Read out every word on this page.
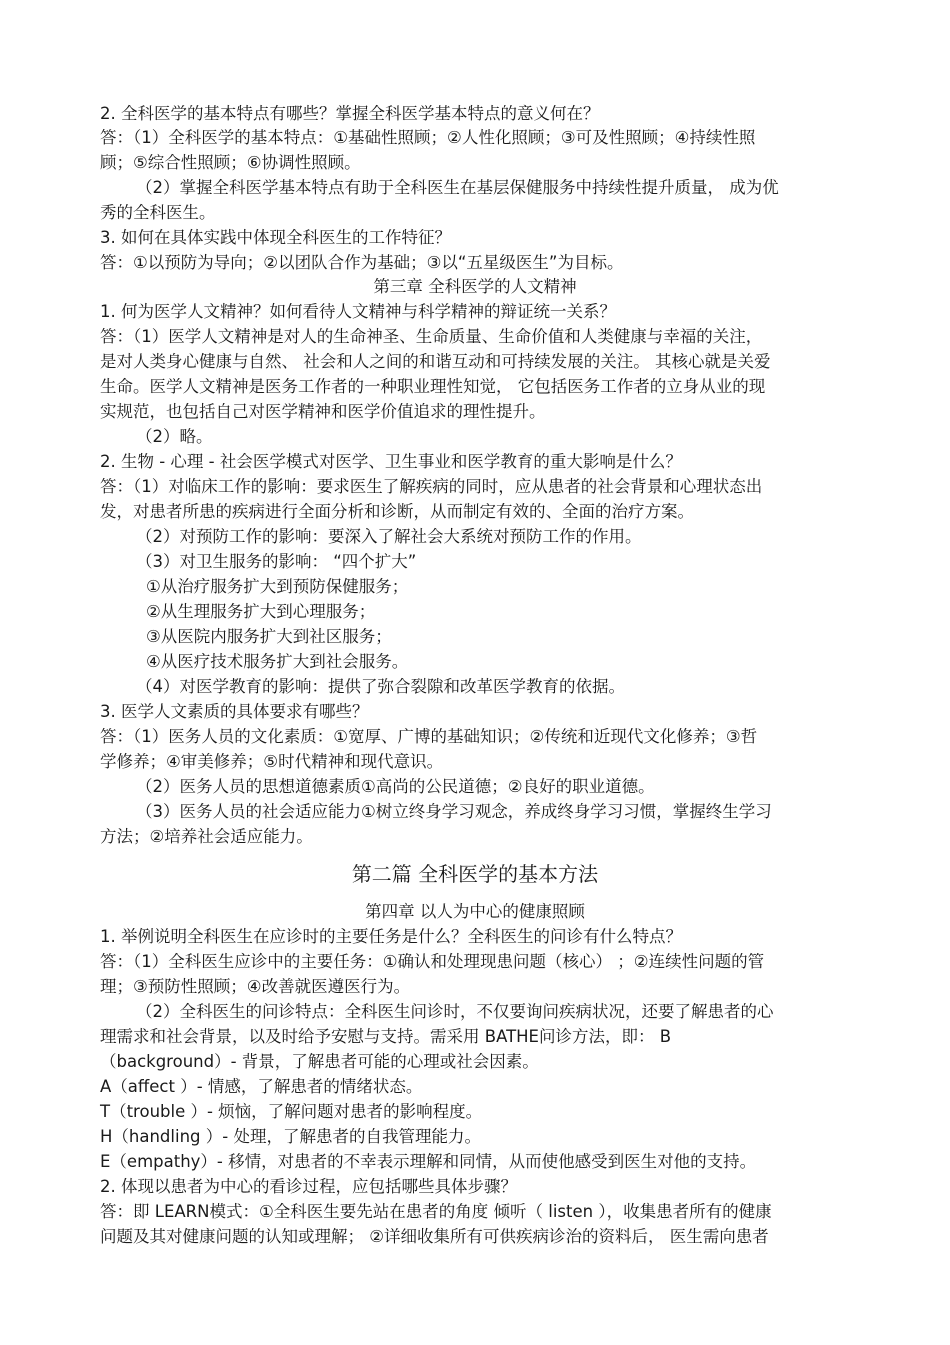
2. 全科医学的基本特点有哪些？掌握全科医学基本特点的意义何在？
答：（1）全科医学的基本特点：①基础性照顾；②人性化照顾；③可及性照顾；④持续性照
顾；⑤综合性照顾；⑥协调性照顾。
（2）掌握全科医学基本特点有助于全科医生在基层保健服务中持续性提升质量， 成为优
秀的全科医生。
3. 如何在具体实践中体现全科医生的工作特征？
答：①以预防为导向；②以团队合作为基础；③以“五星级医生”为目标。
第三章 全科医学的人文精神
1. 何为医学人文精神？如何看待人文精神与科学精神的辩证统一关系？
答：（1）医学人文精神是对人的生命神圣、生命质量、生命价值和人类健康与幸福的关注，
是对人类身心健康与自然、 社会和人之间的和谐互动和可持续发展的关注。 其核心就是关爱
生命。医学人文精神是医务工作者的一种职业理性知觉， 它包括医务工作者的立身从业的现
实规范，也包括自己对医学精神和医学价值追求的理性提升。
（2）略。
2. 生物 - 心理 - 社会医学模式对医学、卫生事业和医学教育的重大影响是什么？
答：（1）对临床工作的影响：要求医生了解疾病的同时，应从患者的社会背景和心理状态出
发，对患者所患的疾病进行全面分析和诊断，从而制定有效的、全面的治疗方案。
（2）对预防工作的影响：要深入了解社会大系统对预防工作的作用。
（3）对卫生服务的影响： “四个扩大”
①从治疗服务扩大到预防保健服务；
②从生理服务扩大到心理服务；
③从医院内服务扩大到社区服务；
④从医疗技术服务扩大到社会服务。
（4）对医学教育的影响：提供了弥合裂隙和改革医学教育的依据。
3. 医学人文素质的具体要求有哪些？
答：（1）医务人员的文化素质：①宽厚、广博的基础知识；②传统和近现代文化修养；③哲
学修养；④审美修养；⑤时代精神和现代意识。
（2）医务人员的思想道德素质①高尚的公民道德；②良好的职业道德。
（3）医务人员的社会适应能力①树立终身学习观念，养成终身学习习惯，掌握终生学习
方法；②培养社会适应能力。
第二篇 全科医学的基本方法
第四章 以人为中心的健康照顾
1. 举例说明全科医生在应诊时的主要任务是什么？全科医生的问诊有什么特点？
答：（1）全科医生应诊中的主要任务：①确认和处理现患问题（核心） ；②连续性问题的管
理；③预防性照顾；④改善就医遵医行为。
（2）全科医生的问诊特点：全科医生问诊时，不仅要询问疾病状况，还要了解患者的心
理需求和社会背景，以及时给予安慰与支持。需采用 BATHE问诊方法，即： B
（background）- 背景，了解患者可能的心理或社会因素。
A（affect ）- 情感，了解患者的情绪状态。
T（trouble ）- 烦恼，了解问题对患者的影响程度。
H（handling ）- 处理，了解患者的自我管理能力。
E（empathy）- 移情，对患者的不幸表示理解和同情，从而使他感受到医生对他的支持。
2. 体现以患者为中心的看诊过程，应包括哪些具体步骤？
答：即 LEARN模式：①全科医生要先站在患者的角度 倾听（ listen ），收集患者所有的健康
问题及其对健康问题的认知或理解； ②详细收集所有可供疾病诊治的资料后， 医生需向患者
